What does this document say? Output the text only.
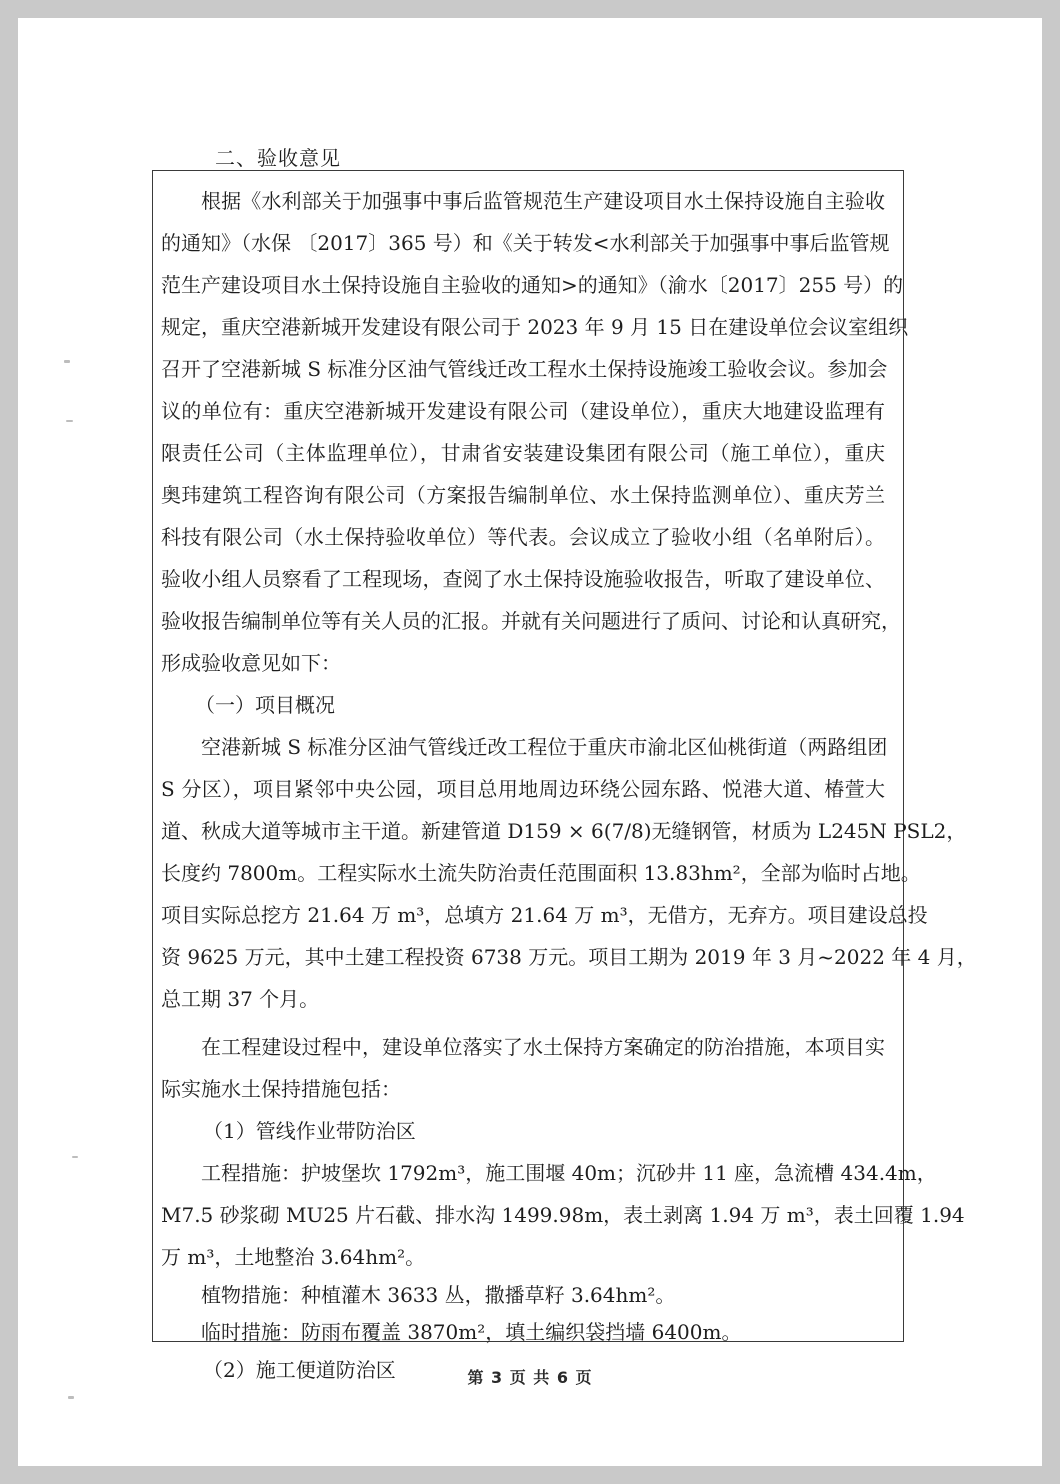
二、验收意见
根据《水利部关于加强事中事后监管规范生产建设项目水土保持设施自主验收
的通知》（水保 〔2017〕365 号）和《关于转发<水利部关于加强事中事后监管规
范生产建设项目水土保持设施自主验收的通知>的通知》（渝水〔2017〕255 号）的
规定，重庆空港新城开发建设有限公司于 2023 年 9 月 15 日在建设单位会议室组织
召开了空港新城 S 标准分区油气管线迁改工程水土保持设施竣工验收会议。参加会
议的单位有：重庆空港新城开发建设有限公司（建设单位），重庆大地建设监理有
限责任公司（主体监理单位），甘肃省安装建设集团有限公司（施工单位），重庆
奥玮建筑工程咨询有限公司（方案报告编制单位、水土保持监测单位）、重庆芳兰
科技有限公司（水土保持验收单位）等代表。会议成立了验收小组（名单附后）。
验收小组人员察看了工程现场，查阅了水土保持设施验收报告，听取了建设单位、
验收报告编制单位等有关人员的汇报。并就有关问题进行了质问、讨论和认真研究，
形成验收意见如下：
（一）项目概况
空港新城 S 标准分区油气管线迁改工程位于重庆市渝北区仙桃街道（两路组团
S 分区），项目紧邻中央公园，项目总用地周边环绕公园东路、悦港大道、椿萱大
道、秋成大道等城市主干道。新建管道 D159 × 6(7/8)无缝钢管，材质为 L245N PSL2，
长度约 7800m。工程实际水土流失防治责任范围面积 13.83hm²，全部为临时占地。
项目实际总挖方 21.64 万 m³，总填方 21.64 万 m³，无借方，无弃方。项目建设总投
资 9625 万元，其中土建工程投资 6738 万元。项目工期为 2019 年 3 月~2022 年 4 月，
总工期 37 个月。
在工程建设过程中，建设单位落实了水土保持方案确定的防治措施，本项目实
际实施水土保持措施包括：
（1）管线作业带防治区
工程措施：护坡堡坎 1792m³，施工围堰 40m；沉砂井 11 座，急流槽 434.4m，
M7.5 砂浆砌 MU25 片石截、排水沟 1499.98m，表土剥离 1.94 万 m³，表土回覆 1.94
万 m³，土地整治 3.64hm²。
植物措施：种植灌木 3633 丛，撒播草籽 3.64hm²。
临时措施：防雨布覆盖 3870m²，填土编织袋挡墙 6400m。
（2）施工便道防治区	第 3 页 共 6 页
